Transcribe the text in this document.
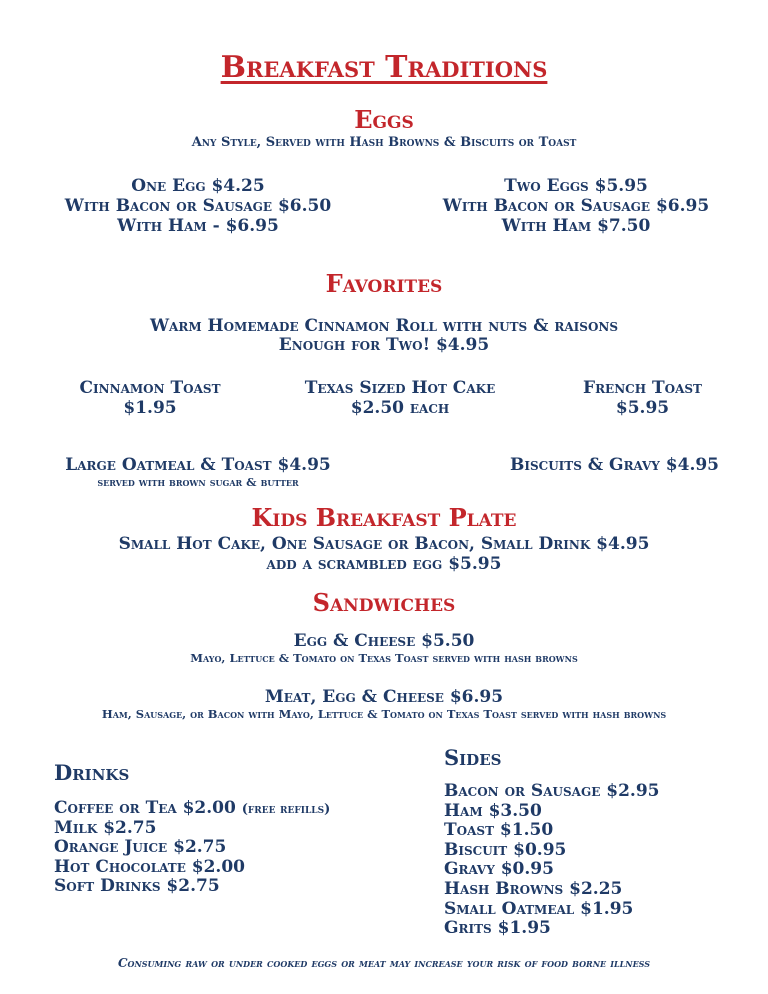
Breakfast Traditions
Eggs
Any Style, Served with Hash Browns & Biscuits or Toast
One Egg $4.25
With Bacon or Sausage $6.50
With Ham - $6.95
Two Eggs $5.95
With Bacon or Sausage $6.95
With Ham $7.50
Favorites
Warm Homemade Cinnamon Roll with nuts & raisons
Enough for Two! $4.95
Cinnamon Toast
$1.95
Texas Sized Hot Cake
$2.50 each
French Toast
$5.95
Large Oatmeal & Toast $4.95
served with brown sugar & butter
Biscuits & Gravy $4.95
Kids Breakfast Plate
Small Hot Cake, One Sausage or Bacon, Small Drink $4.95
add a scrambled egg $5.95
Sandwiches
Egg & Cheese $5.50
Mayo, Lettuce & Tomato on Texas Toast served with hash browns
Meat, Egg & Cheese $6.95
Ham, Sausage, or Bacon with Mayo, Lettuce & Tomato on Texas Toast served with hash browns
Drinks
Coffee or Tea $2.00 (free refills)
Milk $2.75
Orange Juice $2.75
Hot Chocolate $2.00
Soft Drinks $2.75
Sides
Bacon or Sausage $2.95
Ham $3.50
Toast $1.50
Biscuit $0.95
Gravy $0.95
Hash Browns $2.25
Small Oatmeal $1.95
Grits $1.95
Consuming raw or under cooked eggs or meat may increase your risk of food borne illness
